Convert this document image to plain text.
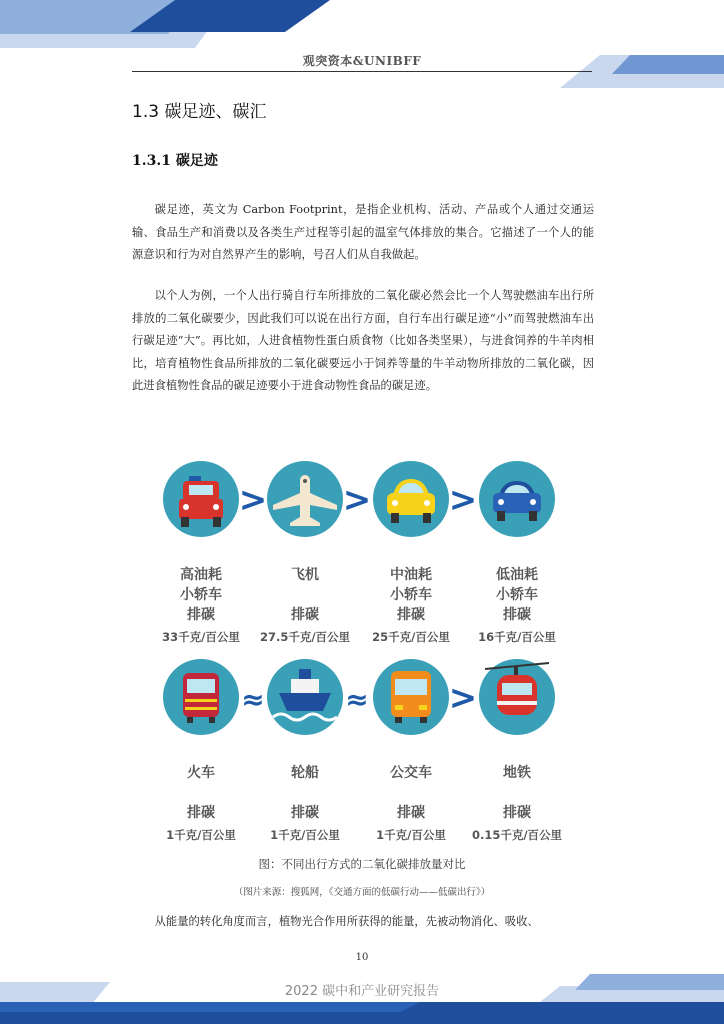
观突资本&UNIBFF
1.3 碳足迹、碳汇
1.3.1 碳足迹

碳足迹，英文为 Carbon Footprint，是指企业机构、活动、产品或个人通过交通运输、食品生产和消费以及各类生产过程等引起的温室气体排放的集合。它描述了一个人的能源意识和行为对自然界产生的影响，号召人们从自我做起。

以个人为例，一个人出行骑自行车所排放的二氧化碳必然会比一个人驾驶燃油车出行所排放的二氧化碳要少，因此我们可以说在出行方面，自行车出行碳足迹“小”而驾驶燃油车出行碳足迹“大”。再比如，人进食植物性蛋白质食物（比如各类坚果），与进食饲养的牛羊肉相比，培育植物性食品所排放的二氧化碳要远小于饲养等量的牛羊动物所排放的二氧化碳，因此进食植物性食品的碳足迹要小于进食动物性食品的碳足迹。

> > >
高油耗
小轿车
排碳
33千克/百公里
飞机
排碳
27.5千克/百公里
中油耗
小轿车
排碳
25千克/百公里
低油耗
小轿车
排碳
16千克/百公里
≈	≈ >
火车
排碳
1千克/百公里
轮船
排碳
1千克/百公里
公交车
排碳
1千克/百公里
地铁
排碳
0.15千克/百公里
图：不同出行方式的二氧化碳排放量对比
（图片来源：搜狐网，《交通方面的低碳行动——低碳出行》）

从能量的转化角度而言，植物光合作用所获得的能量，先被动物消化、吸收、

10
2022 碳中和产业研究报告
